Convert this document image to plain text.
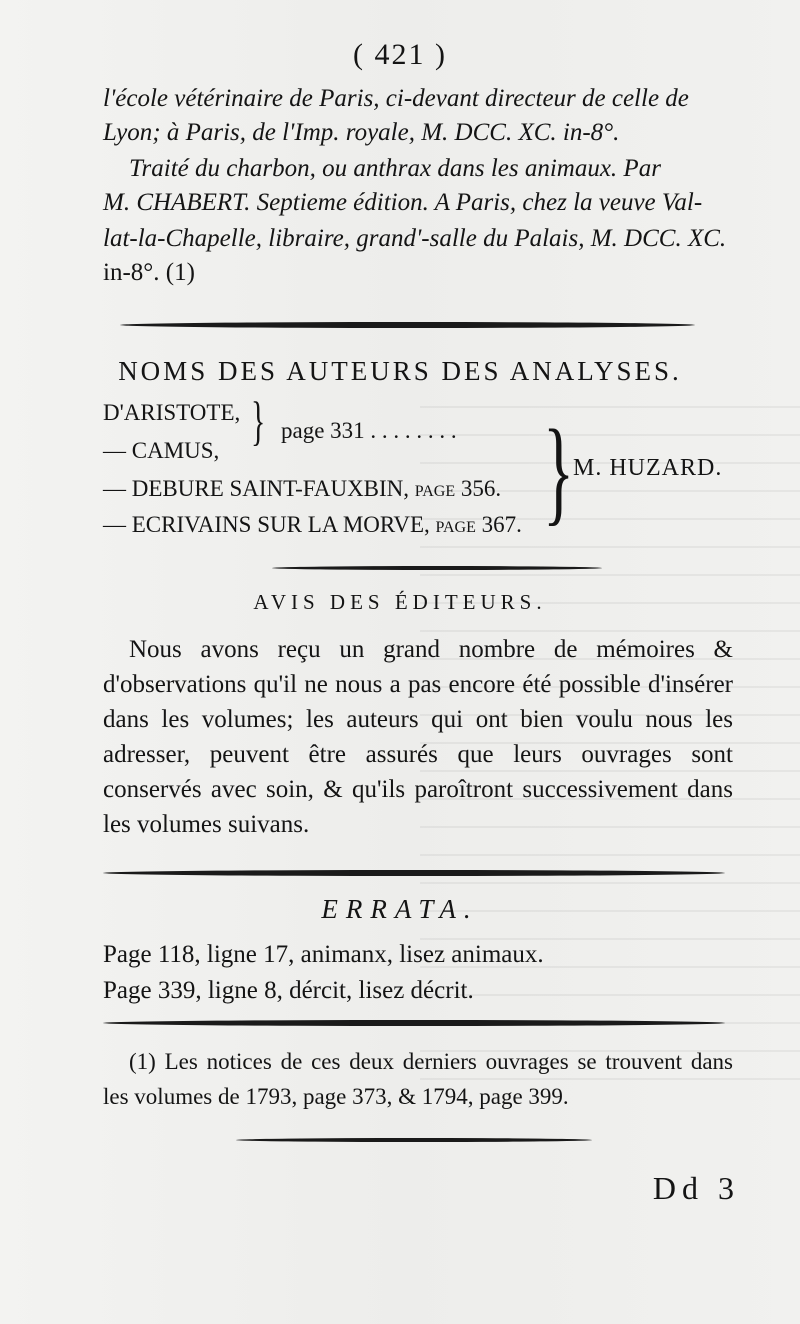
( 421 )
l'école vétérinaire de Paris, ci-devant directeur de celle de
Lyon; à Paris, de l'Imp. royale, M. DCC. XC. in-8°.
Traité du charbon, ou anthrax dans les animaux. Par
M. CHABERT. Septieme édition. A Paris, chez la veuve Val-
lat-la-Chapelle, libraire, grand'-salle du Palais, M. DCC. XC.
in-8°. (1)
NOMS DES AUTEURS DES ANALYSES.
D'ARISTOTE,
— CAMUS, } page 331 . . . . . . . .
— DEBURE SAINT-FAUXBIN, page 356.
— ECRIVAINS SUR LA MORVE, page 367. }
M. HUZARD.
AVIS DES ÉDITEURS.
Nous avons reçu un grand nombre de mémoires & d'observations qu'il ne nous a pas encore été possible d'insérer dans les volumes; les auteurs qui ont bien voulu nous les adresser, peuvent être assurés que leurs ouvrages sont conservés avec soin, & qu'ils paroîtront successivement dans les volumes suivans.
ERRATA.
Page 118, ligne 17, animanx, lisez animaux.
Page 339, ligne 8, dércit, lisez décrit.
(1) Les notices de ces deux derniers ouvrages se trouvent dans les volumes de 1793, page 373, & 1794, page 399.
Dd 3
